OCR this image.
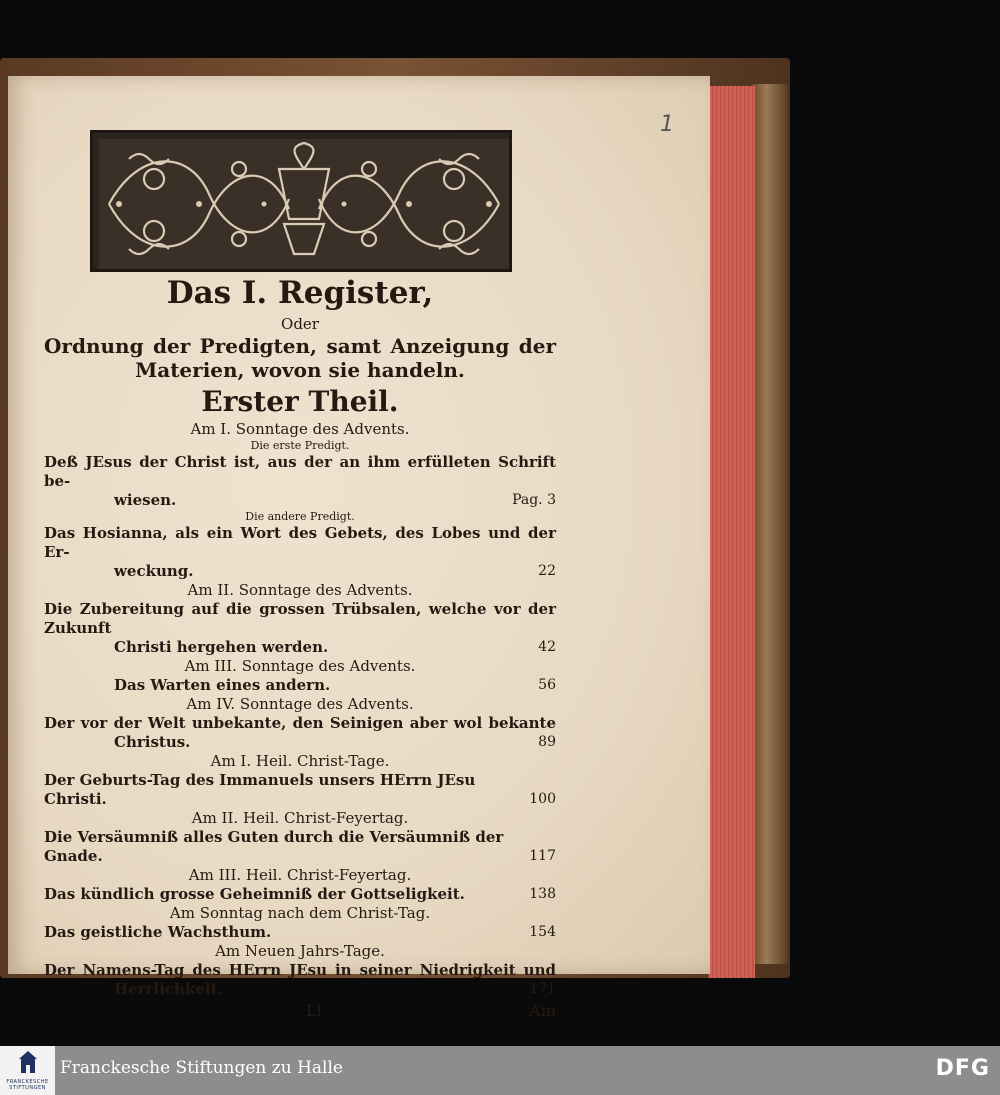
1
Das I. Register,
Oder
Ordnung der Predigten, samt Anzeigung der Materien, wovon sie handeln.
Erster Theil.
Am I. Sonntage des Advents.
Die erste Predigt.
Deß JEsus der Christ ist, aus der an ihm erfülleten Schrift be-
wiesen.	Pag. 3
Die andere Predigt.
Das Hosianna, als ein Wort des Gebets, des Lobes und der Er-
weckung.	22
Am II. Sonntage des Advents.
Die Zubereitung auf die grossen Trübsalen, welche vor der Zukunft
Christi hergehen werden.	42
Am III. Sonntage des Advents.
Das Warten eines andern.	56
Am IV. Sonntage des Advents.
Der vor der Welt unbekante, den Seinigen aber wol bekante
Christus.	89
Am I. Heil. Christ-Tage.
Der Geburts-Tag des Immanuels unsers HErrn JEsu Christi.	100
Am II. Heil. Christ-Feyertag.
Die Versäumniß alles Guten durch die Versäumniß der Gnade.	117
Am III. Heil. Christ-Feyertag.
Das kündlich grosse Geheimniß der Gottseligkeit.	138
Am Sonntag nach dem Christ-Tag.
Das geistliche Wachsthum.	154
Am Neuen Jahrs-Tage.
Der Namens-Tag des HErrn JEsu in seiner Niedrigkeit und
Herrlichkeit.	171
Ll	Am
FRANCKESCHE STIFTUNGEN
Franckesche Stiftungen zu Halle	DFG
